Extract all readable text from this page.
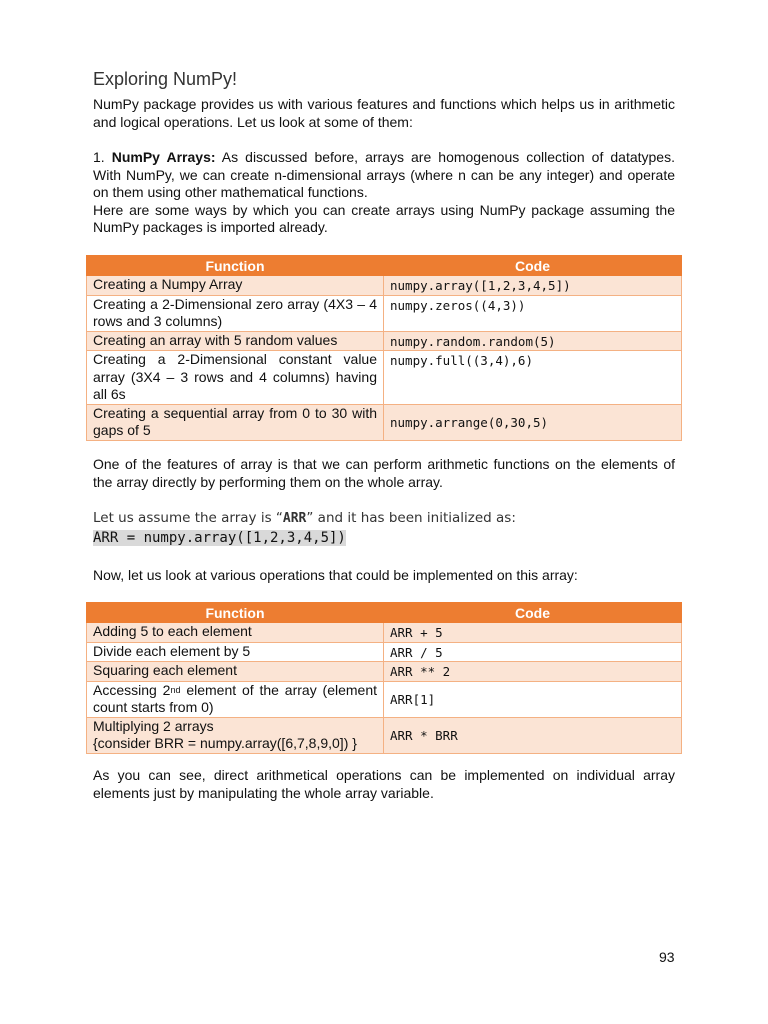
Exploring NumPy!
NumPy package provides us with various features and functions which helps us in arithmetic
and logical operations. Let us look at some of them:
1. NumPy Arrays: As discussed before, arrays are homogenous collection of datatypes.
With NumPy, we can create n-dimensional arrays (where n can be any integer) and operate
on them using other mathematical functions.
Here are some ways by which you can create arrays using NumPy package assuming the
NumPy packages is imported already.
Function	Code
Creating a Numpy Array	numpy.array([1,2,3,4,5])
Creating a 2-Dimensional zero array (4X3 – 4 rows and 3 columns)	numpy.zeros((4,3))
Creating an array with 5 random values	numpy.random.random(5)
Creating a 2-Dimensional constant value array (3X4 – 3 rows and 4 columns) having all 6s	numpy.full((3,4),6)
Creating a sequential array from 0 to 30 with gaps of 5	numpy.arrange(0,30,5)
One of the features of array is that we can perform arithmetic functions on the elements of
the array directly by performing them on the whole array.
Let us assume the array is “ARR” and it has been initialized as:
ARR = numpy.array([1,2,3,4,5])
Now, let us look at various operations that could be implemented on this array:
Function	Code
Adding 5 to each element	ARR + 5
Divide each element by 5	ARR / 5
Squaring each element	ARR ** 2
Accessing 2nd element of the array (element count starts from 0)	ARR[1]

Multiplying 2 arrays
{consider BRR = numpy.array([6,7,8,9,0]) }	ARR * BRR
As you can see, direct arithmetical operations can be implemented on individual array
elements just by manipulating the whole array variable.
93
